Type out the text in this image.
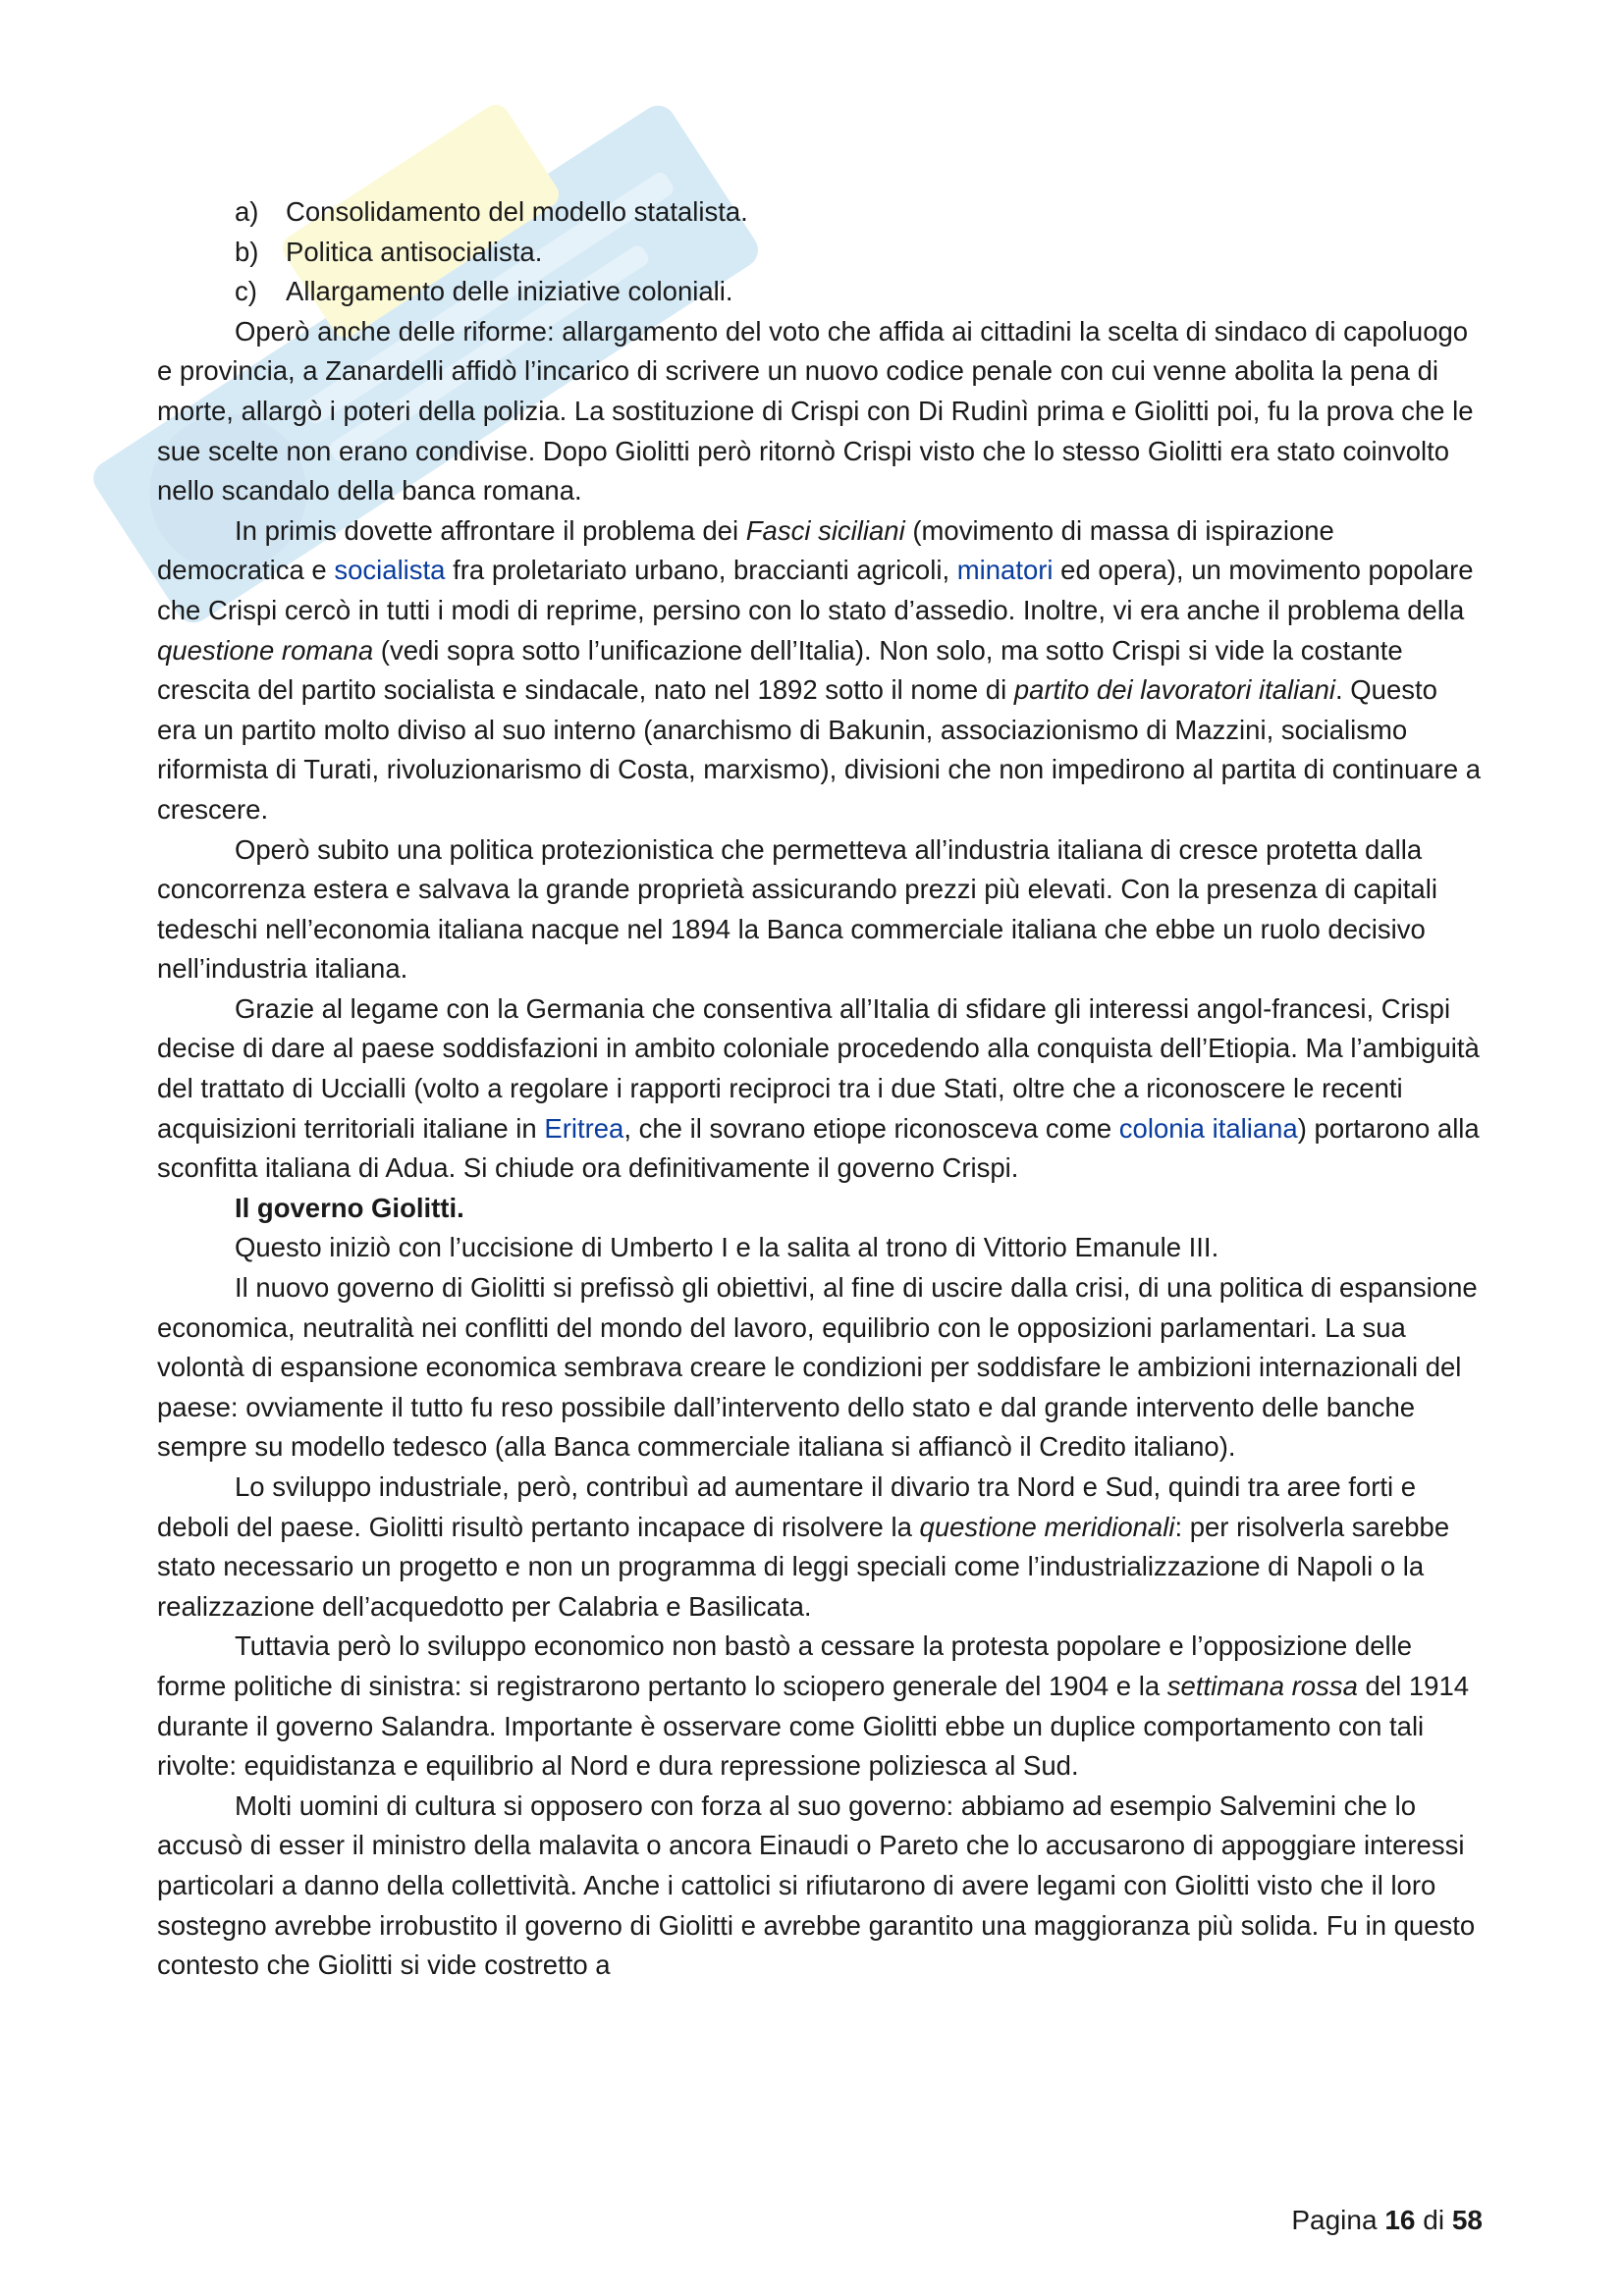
a)	Consolidamento del modello statalista.
b)	Politica antisocialista.
c)	Allargamento delle iniziative coloniali.

Operò anche delle riforme: allargamento del voto che affida ai cittadini la scelta di sindaco di capoluogo e provincia, a Zanardelli affidò l’incarico di scrivere un nuovo codice penale con cui venne abolita la pena di morte, allargò i poteri della polizia. La sostituzione di Crispi con Di Rudinì prima e Giolitti poi, fu la prova che le sue scelte non erano condivise. Dopo Giolitti però ritornò Crispi visto che lo stesso Giolitti era stato coinvolto nello scandalo della banca romana.

In primis dovette affrontare il problema dei Fasci siciliani (movimento di massa di ispirazione democratica e socialista fra proletariato urbano, braccianti agricoli, minatori ed opera), un movimento popolare che Crispi cercò in tutti i modi di reprime, persino con lo stato d’assedio. Inoltre, vi era anche il problema della questione romana (vedi sopra sotto l’unificazione dell’Italia). Non solo, ma sotto Crispi si vide la costante crescita del partito socialista e sindacale, nato nel 1892 sotto il nome di partito dei lavoratori italiani. Questo era un partito molto diviso al suo interno (anarchismo di Bakunin, associazionismo di Mazzini, socialismo riformista di Turati, rivoluzionarismo di Costa, marxismo), divisioni che non impedirono al partita di continuare a crescere.

Operò subito una politica protezionistica che permetteva all’industria italiana di cresce protetta dalla concorrenza estera e salvava la grande proprietà assicurando prezzi più elevati. Con la presenza di capitali tedeschi nell’economia italiana nacque nel 1894 la Banca commerciale italiana che ebbe un ruolo decisivo nell’industria italiana.

Grazie al legame con la Germania che consentiva all’Italia di sfidare gli interessi angol-francesi, Crispi decise di dare al paese soddisfazioni in ambito coloniale procedendo alla conquista dell’Etiopia. Ma l’ambiguità del trattato di Uccialli (volto a regolare i rapporti reciproci tra i due Stati, oltre che a riconoscere le recenti acquisizioni territoriali italiane in Eritrea, che il sovrano etiope riconosceva come colonia italiana) portarono alla sconfitta italiana di Adua. Si chiude ora definitivamente il governo Crispi.

Il governo Giolitti.

Questo iniziò con l’uccisione di Umberto I e la salita al trono di Vittorio Emanule III.

Il nuovo governo di Giolitti si prefissò gli obiettivi, al fine di uscire dalla crisi, di una politica di espansione economica, neutralità nei conflitti del mondo del lavoro, equilibrio con le opposizioni parlamentari. La sua volontà di espansione economica sembrava creare le condizioni per soddisfare le ambizioni internazionali del paese: ovviamente il tutto fu reso possibile dall’intervento dello stato e dal grande intervento delle banche sempre su modello tedesco (alla Banca commerciale italiana si affiancò il Credito italiano).

Lo sviluppo industriale, però, contribuì ad aumentare il divario tra Nord e Sud, quindi tra aree forti e deboli del paese. Giolitti risultò pertanto incapace di risolvere la questione meridionali: per risolverla sarebbe stato necessario un progetto e non un programma di leggi speciali come l’industrializzazione di Napoli o la realizzazione dell’acquedotto per Calabria e Basilicata.

Tuttavia però lo sviluppo economico non bastò a cessare la protesta popolare e l’opposizione delle forme politiche di sinistra: si registrarono pertanto lo sciopero generale del 1904 e la settimana rossa del 1914 durante il governo Salandra. Importante è osservare come Giolitti ebbe un duplice comportamento con tali rivolte: equidistanza e equilibrio al Nord e dura repressione poliziesca al Sud.

Molti uomini di cultura si opposero con forza al suo governo: abbiamo ad esempio Salvemini che lo accusò di esser il ministro della malavita o ancora Einaudi o Pareto che lo accusarono di appoggiare interessi particolari a danno della collettività. Anche i cattolici si rifiutarono di avere legami con Giolitti visto che il loro sostegno avrebbe irrobustito il governo di Giolitti e avrebbe garantito una maggioranza più solida. Fu in questo contesto che Giolitti si vide costretto a

Pagina 16 di 58
